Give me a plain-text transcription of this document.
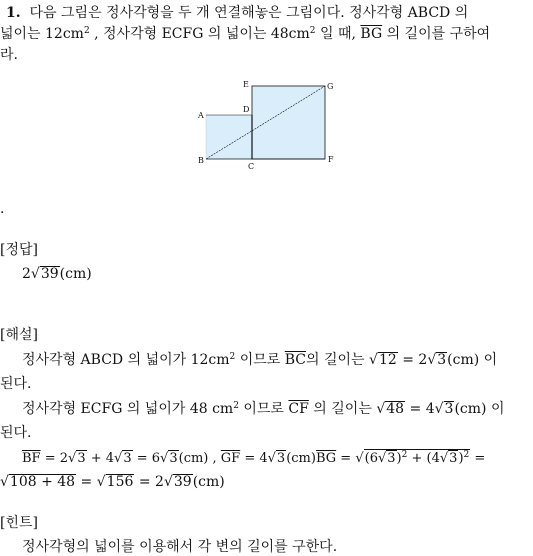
1. 다음 그림은 정사각형을 두 개 연결해놓은 그림이다. 정사각형 ABCD 의
넓이는 $12cm^2$ , 정사각형 ECFG 의 넓이는 $48cm^2$ 일 때, $\overline{BG}$ 의 길이를 구하여
라.
A
B
C
D
E
F
G
.
[정답]
2√39(cm)
[해설]
정사각형 ABCD 의 넓이가 $12cm^2$ 이므로 $\overline{BC}$의 길이는 √12 = 2√3(cm) 이
된다.
정사각형 ECFG 의 넓이가 48 $cm^2$ 이므로 $\overline{CF}$ 의 길이는 √48 = 4√3(cm) 이
된다.
$\overline{BF} = 2√3 + 4√3 = 6√3(cm)$ , $\overline{GF} = 4√3(cm)\overline{BG} = √(6√3)^2 + (4√3)^2$ =
√108 + 48 = √156 = 2√39(cm)
[힌트]
정사각형의 넓이를 이용해서 각 변의 길이를 구한다.
